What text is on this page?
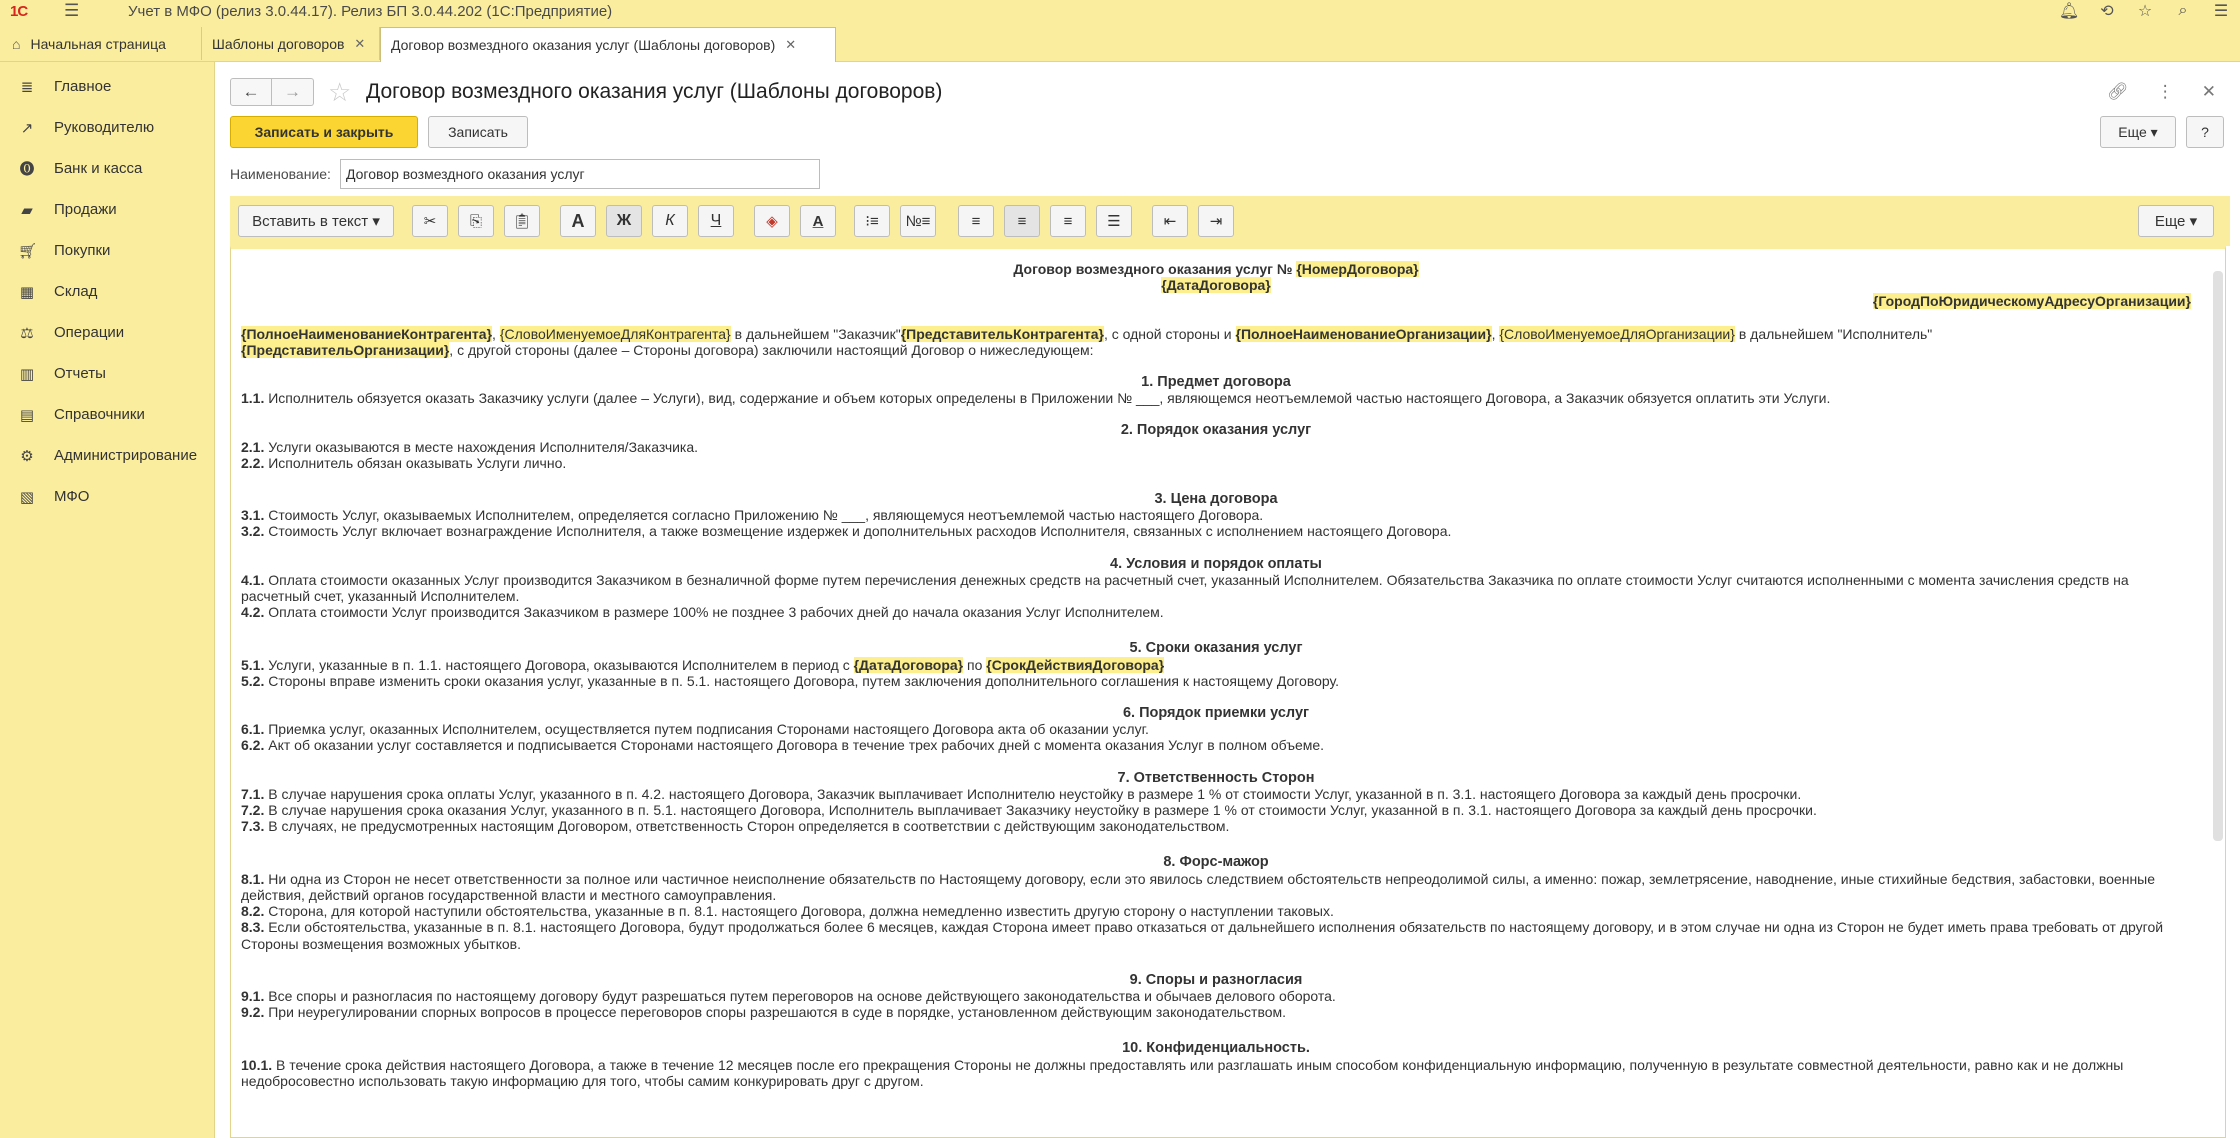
1С	☰	Учет в МФО (релиз 3.0.44.17). Релиз БП 3.0.44.202 (1С:Предприятие)	🔔︎ ⟲ ☆	⌕	☰
⌂ Начальная страница	Шаблоны договоров ✕ Договор возмездного оказания услуг (Шаблоны договоров) ✕
≣ Главное
↗ Руководителю
⓿ Банк и касса
▰ Продажи
🛒︎ Покупки
▦ Склад
⚖ Операции
▥ Отчеты
▤ Справочники
⚙ Администрирование
▧ МФО
←	→	☆ Договор возмездного оказания услуг (Шаблоны договоров)	🔗︎ ⋮ ✕
Записать и закрыть	Записать	Еще ▾	?
Наименование:
Договор возмездного оказания услуг
Вставить в текст ▾	✂	⎘	📋︎	A	Ж	К	Ч	◈	A	⁝≡	№≡	≡	≡	≡	☰	⇤	⇥	Еще ▾

Договор возмездного оказания услуг № {НомерДоговора}

{ДатаДоговора}

{ГородПоЮридическомуАдресуОрганизации}

{ПолноеНаименованиеКонтрагента}, {СловоИменуемоеДляКонтрагента} в дальнейшем "Заказчик"{ПредставительКонтрагента}, с одной стороны и {ПолноеНаименованиеОрганизации}, {СловоИменуемоеДляОрганизации} в дальнейшем "Исполнитель"
{ПредставительОрганизации}, с другой стороны (далее – Стороны договора) заключили настоящий Договор о нижеследующем:

1. Предмет договора

1.1. Исполнитель обязуется оказать Заказчику услуги (далее – Услуги), вид, содержание и объем которых определены в Приложении № ___, являющемся неотъемлемой частью настоящего Договора, а Заказчик обязуется оплатить эти Услуги.

2. Порядок оказания услуг

2.1. Услуги оказываются в месте нахождения Исполнителя/Заказчика.

2.2. Исполнитель обязан оказывать Услуги лично.

3. Цена договора

3.1. Стоимость Услуг, оказываемых Исполнителем, определяется согласно Приложению № ___, являющемуся неотъемлемой частью настоящего Договора.

3.2. Стоимость Услуг включает вознаграждение Исполнителя, а также возмещение издержек и дополнительных расходов Исполнителя, связанных с исполнением настоящего Договора.

4. Условия и порядок оплаты

4.1. Оплата стоимости оказанных Услуг производится Заказчиком в безналичной форме путем перечисления денежных средств на расчетный счет, указанный Исполнителем. Обязательства Заказчика по оплате стоимости Услуг считаются исполненными с момента зачисления средств на расчетный счет, указанный Исполнителем.

4.2. Оплата стоимости Услуг производится Заказчиком в размере 100% не позднее 3 рабочих дней до начала оказания Услуг Исполнителем.

5. Сроки оказания услуг

5.1. Услуги, указанные в п. 1.1. настоящего Договора, оказываются Исполнителем в период с {ДатаДоговора} по {СрокДействияДоговора}

5.2. Стороны вправе изменить сроки оказания услуг, указанные в п. 5.1. настоящего Договора, путем заключения дополнительного соглашения к настоящему Договору.

6. Порядок приемки услуг

6.1. Приемка услуг, оказанных Исполнителем, осуществляется путем подписания Сторонами настоящего Договора акта об оказании услуг.

6.2. Акт об оказании услуг составляется и подписывается Сторонами настоящего Договора в течение трех рабочих дней с момента оказания Услуг в полном объеме.

7. Ответственность Сторон

7.1. В случае нарушения срока оплаты Услуг, указанного в п. 4.2. настоящего Договора, Заказчик выплачивает Исполнителю неустойку в размере 1 % от стоимости Услуг, указанной в п. 3.1. настоящего Договора за каждый день просрочки.

7.2. В случае нарушения срока оказания Услуг, указанного в п. 5.1. настоящего Договора, Исполнитель выплачивает Заказчику неустойку в размере 1 % от стоимости Услуг, указанной в п. 3.1. настоящего Договора за каждый день просрочки.

7.3. В случаях, не предусмотренных настоящим Договором, ответственность Сторон определяется в соответствии с действующим законодательством.

8. Форс-мажор

8.1. Ни одна из Сторон не несет ответственности за полное или частичное неисполнение обязательств по Настоящему договору, если это явилось следствием обстоятельств непреодолимой силы, а именно: пожар, землетрясение, наводнение, иные стихийные бедствия, забастовки, военные действия, действий органов государственной власти и местного самоуправления.

8.2. Сторона, для которой наступили обстоятельства, указанные в п. 8.1. настоящего Договора, должна немедленно известить другую сторону о наступлении таковых.

8.3. Если обстоятельства, указанные в п. 8.1. настоящего Договора, будут продолжаться более 6 месяцев, каждая Сторона имеет право отказаться от дальнейшего исполнения обязательств по настоящему договору, и в этом случае ни одна из Сторон не будет иметь права требовать от другой Стороны возмещения возможных убытков.

9. Споры и разногласия

9.1. Все споры и разногласия по настоящему договору будут разрешаться путем переговоров на основе действующего законодательства и обычаев делового оборота.

9.2. При неурегулировании спорных вопросов в процессе переговоров споры разрешаются в суде в порядке, установленном действующим законодательством.

10. Конфиденциальность.

10.1. В течение срока действия настоящего Договора, а также в течение 12 месяцев после его прекращения Стороны не должны предоставлять или разглашать иным способом конфиденциальную информацию, полученную в результате совместной деятельности, равно как и не должны недобросовестно использовать такую информацию для того, чтобы самим конкурировать друг с другом.
